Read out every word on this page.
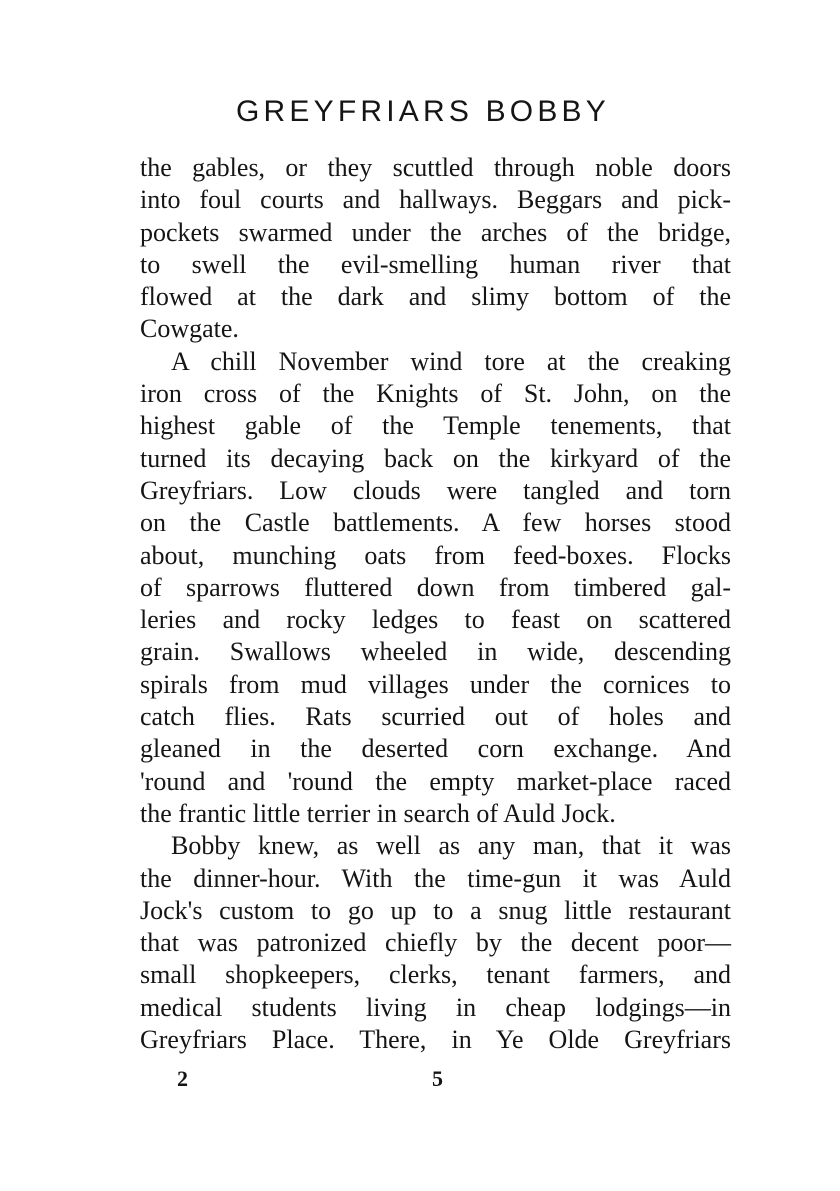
GREYFRIARS BOBBY
the gables, or they scuttled through noble doors
into foul courts and hallways. Beggars and pick-
pockets swarmed under the arches of the bridge,
to swell the evil-smelling human river that
flowed at the dark and slimy bottom of the
Cowgate.
A chill November wind tore at the creaking
iron cross of the Knights of St. John, on the
highest gable of the Temple tenements, that
turned its decaying back on the kirkyard of the
Greyfriars. Low clouds were tangled and torn
on the Castle battlements. A few horses stood
about, munching oats from feed-boxes. Flocks
of sparrows fluttered down from timbered gal-
leries and rocky ledges to feast on scattered
grain. Swallows wheeled in wide, descending
spirals from mud villages under the cornices to
catch flies. Rats scurried out of holes and
gleaned in the deserted corn exchange. And
'round and 'round the empty market-place raced
the frantic little terrier in search of Auld Jock.
Bobby knew, as well as any man, that it was
the dinner-hour. With the time-gun it was Auld
Jock's custom to go up to a snug little restaurant
that was patronized chiefly by the decent poor—
small shopkeepers, clerks, tenant farmers, and
medical students living in cheap lodgings—in
Greyfriars Place. There, in Ye Olde Greyfriars
2	5
